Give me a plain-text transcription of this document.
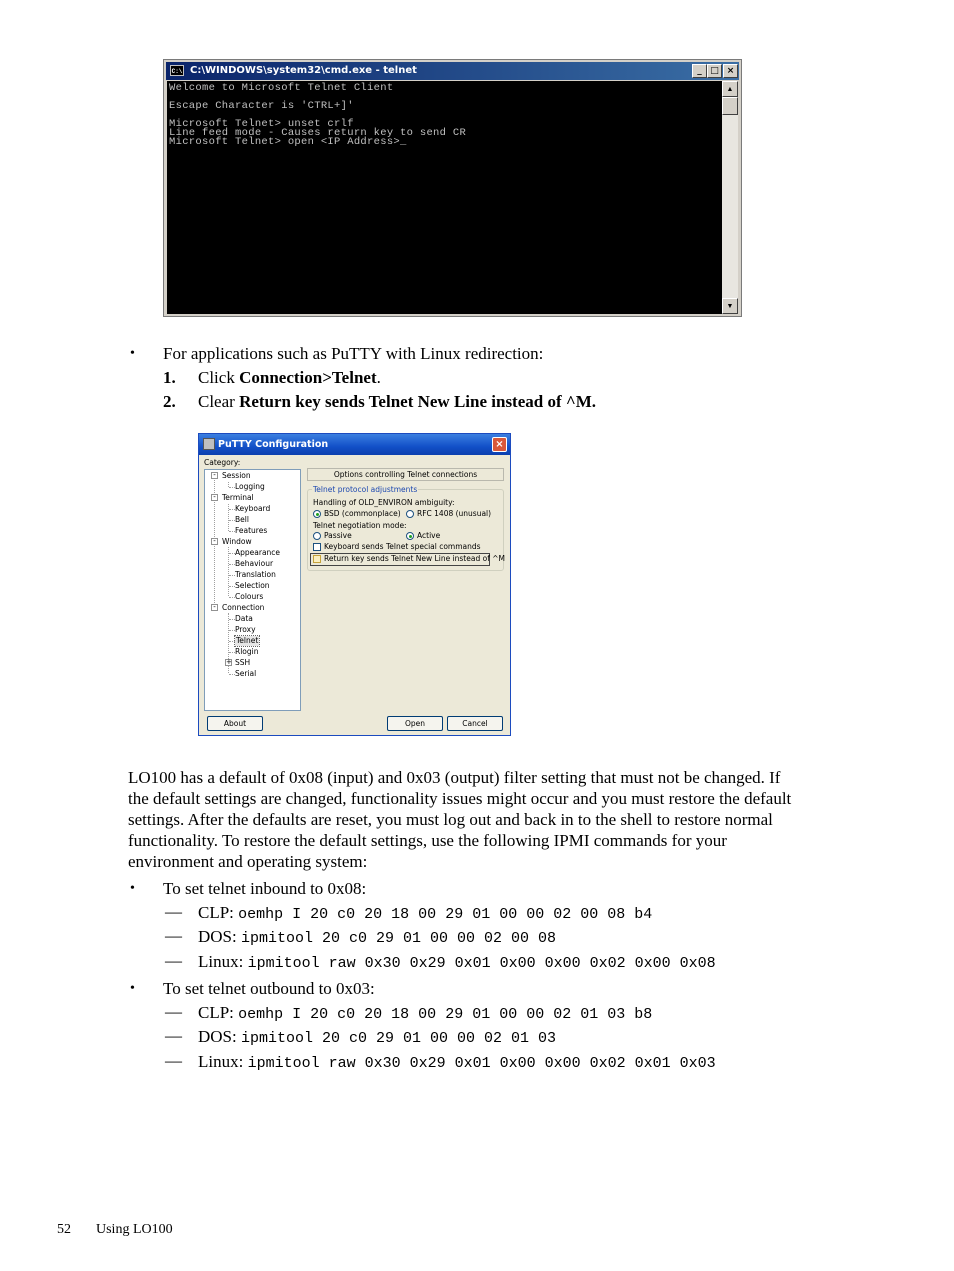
C:\ C:\WINDOWS\system32\cmd.exe - telnet	_ □ ×
Welcome to Microsoft Telnet Client
Escape Character is 'CTRL+]'
Microsoft Telnet> unset crlf
Line feed mode - Causes return key to send CR
Microsoft Telnet> open <IP Address>_
▲
▼
• For applications such as PuTTY with Linux redirection:
1. Click Connection>Telnet.
2. Clear Return key sends Telnet New Line instead of ^M.
PuTTY Configuration	×
Category:
- Session
Logging
- Terminal
Keyboard
Bell
Features
- Window
Appearance
Behaviour
Translation
Selection
Colours
- Connection
Data
Proxy
Telnet
Rlogin
+ SSH
Serial
Options controlling Telnet connections
Telnet protocol adjustments
Handling of OLD_ENVIRON ambiguity:
BSD (commonplace) RFC 1408 (unusual)
Telnet negotiation mode:
Passive	Active
Keyboard sends Telnet special commands
Return key sends Telnet New Line instead of ^M
About	Open	Cancel
LO100 has a default of 0x08 (input) and 0x03 (output) filter setting that must not be changed. If
the default settings are changed, functionality issues might occur and you must restore the default
settings. After the defaults are reset, you must log out and back in to the shell to restore normal
functionality. To restore the default settings, use the following IPMI commands for your
environment and operating system:
• To set telnet inbound to 0x08:
— CLP: oemhp I 20 c0 20 18 00 29 01 00 00 02 00 08 b4
— DOS: ipmitool 20 c0 29 01 00 00 02 00 08
— Linux: ipmitool raw 0x30 0x29 0x01 0x00 0x00 0x02 0x00 0x08
• To set telnet outbound to 0x03:
— CLP: oemhp I 20 c0 20 18 00 29 01 00 00 02 01 03 b8
— DOS: ipmitool 20 c0 29 01 00 00 02 01 03
— Linux: ipmitool raw 0x30 0x29 0x01 0x00 0x00 0x02 0x01 0x03
52 Using LO100
